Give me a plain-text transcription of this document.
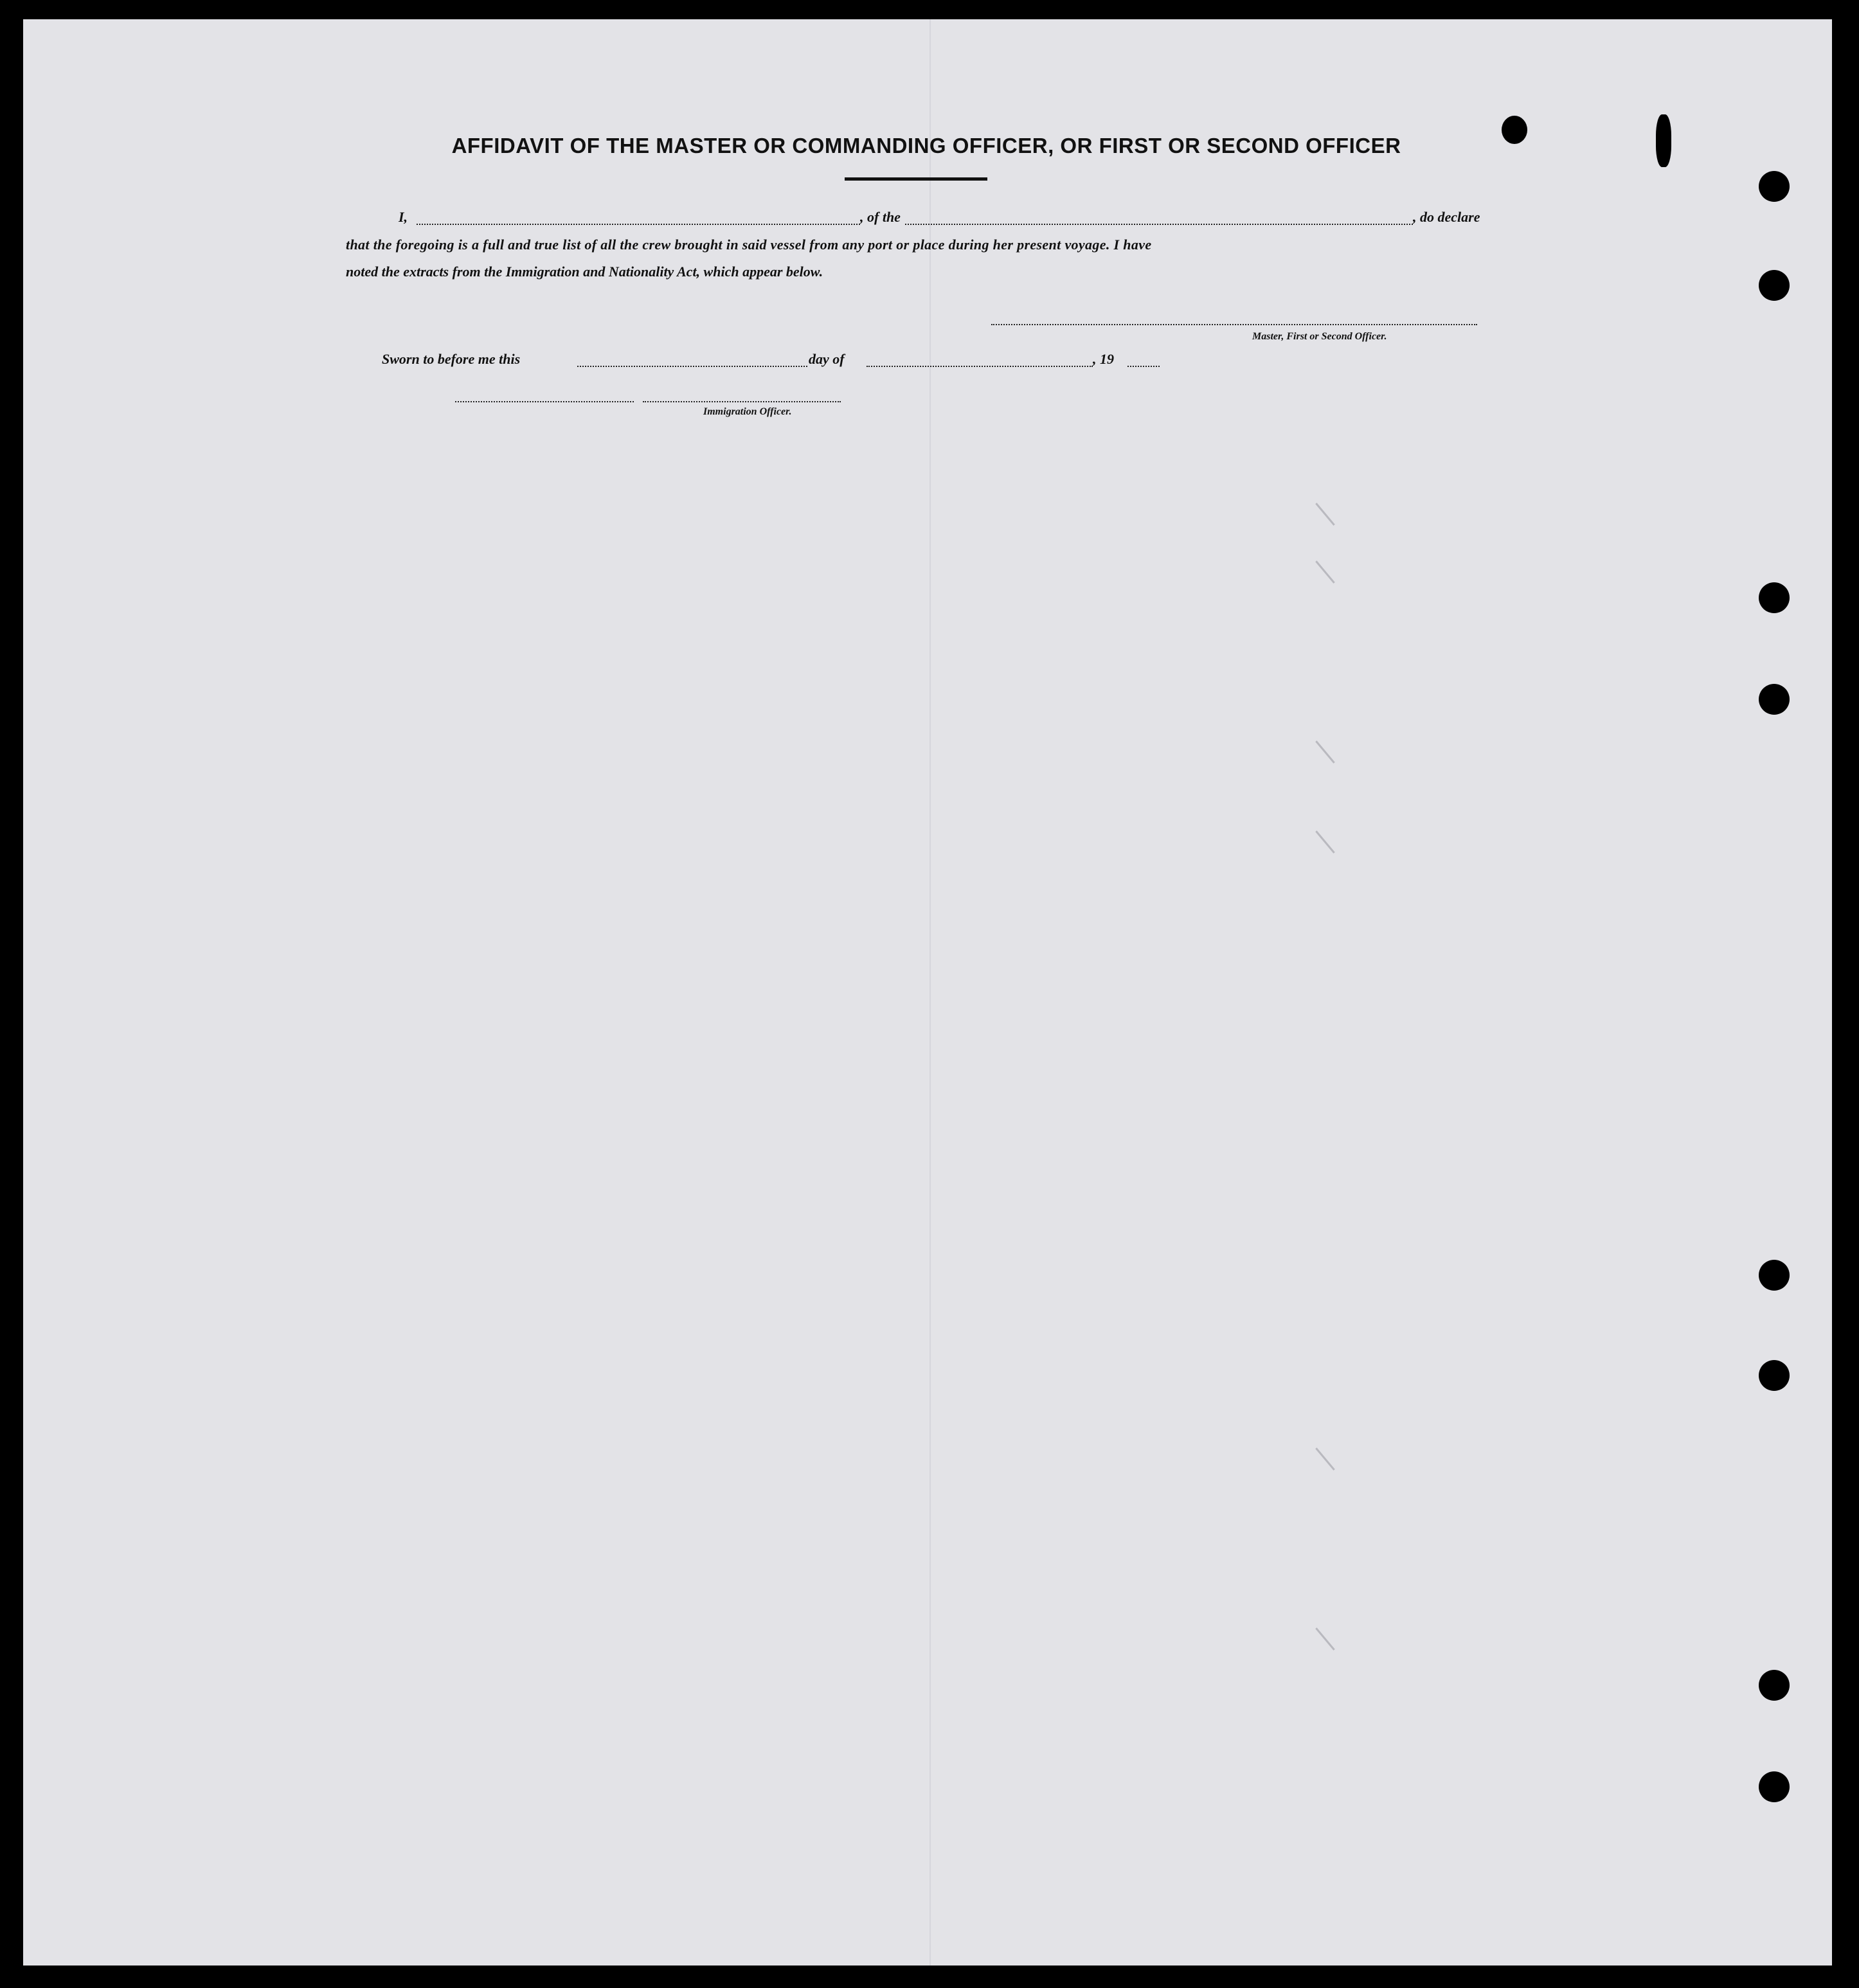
AFFIDAVIT OF THE MASTER OR COMMANDING OFFICER, OR FIRST OR SECOND OFFICER
I,	, of the	, do declare
that the foregoing is a full and true list of all the crew brought in said vessel from any port or place during her present voyage. I have
noted the extracts from the Immigration and Nationality Act, which appear below.
Master, First or Second Officer.
Sworn to before me this	day of	, 19
Immigration Officer.
